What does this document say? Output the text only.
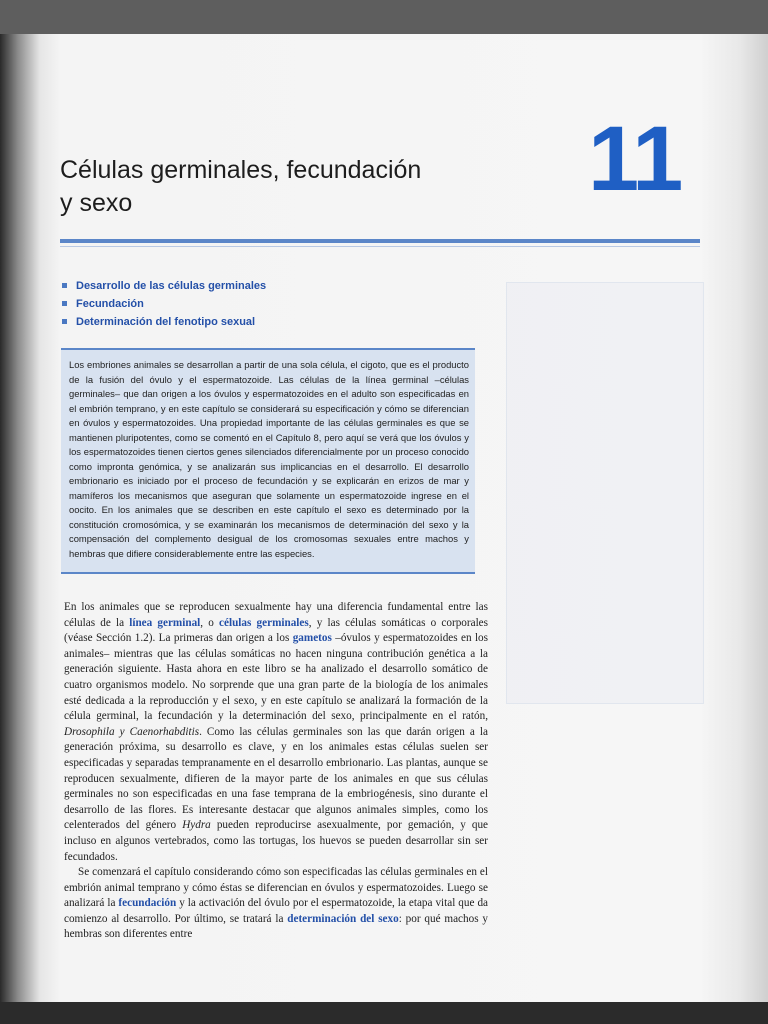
Células germinales, fecundación
y sexo	11
Desarrollo de las células germinales
Fecundación
Determinación del fenotipo sexual

Los embriones animales se desarrollan a partir de una sola célula, el cigoto, que es el producto de la fusión del óvulo y el espermatozoide. Las células de la línea germinal –células germinales– que dan origen a los óvulos y espermatozoides en el adulto son especificadas en el embrión temprano, y en este capítulo se considerará su especificación y cómo se diferencian en óvulos y espermatozoides. Una propiedad importante de las células germinales es que se mantienen pluripotentes, como se comentó en el Capítulo 8, pero aquí se verá que los óvulos y los espermatozoides tienen ciertos genes silenciados diferencialmente por un proceso conocido como impronta genómica, y se analizarán sus implicancias en el desarrollo. El desarrollo embrionario es iniciado por el proceso de fecundación y se explicarán en erizos de mar y mamíferos los mecanismos que aseguran que solamente un espermatozoide ingrese en el oocito. En los animales que se describen en este capítulo el sexo es determinado por la constitución cromosómica, y se examinarán los mecanismos de determinación del sexo y la compensación del complemento desigual de los cromosomas sexuales entre machos y hembras que difiere considerablemente entre las especies.

En los animales que se reproducen sexualmente hay una diferencia fundamental entre las células de la línea germinal, o células germinales, y las células somáticas o corporales (véase Sección 1.2). La primeras dan origen a los gametos –óvulos y espermatozoides en los animales– mientras que las células somáticas no hacen ninguna contribución genética a la generación siguiente. Hasta ahora en este libro se ha analizado el desarrollo somático de cuatro organismos modelo. No sorprende que una gran parte de la biología de los animales esté dedicada a la reproducción y el sexo, y en este capítulo se analizará la formación de la célula germinal, la fecundación y la determinación del sexo, principalmente en el ratón, Drosophila y Caenorhabditis. Como las células germinales son las que darán origen a la generación próxima, su desarrollo es clave, y en los animales estas células suelen ser especificadas y separadas tempranamente en el desarrollo embrionario. Las plantas, aunque se reproducen sexualmente, difieren de la mayor parte de los animales en que sus células germinales no son especificadas en una fase temprana de la embriogénesis, sino durante el desarrollo de las flores. Es interesante destacar que algunos animales simples, como los celenterados del género Hydra pueden reproducirse asexualmente, por gemación, y que incluso en algunos vertebrados, como las tortugas, los huevos se pueden desarrollar sin ser fecundados.

Se comenzará el capítulo considerando cómo son especificadas las células germinales en el embrión animal temprano y cómo éstas se diferencian en óvulos y espermatozoides. Luego se analizará la fecundación y la activación del óvulo por el espermatozoide, la etapa vital que da comienzo al desarrollo. Por último, se tratará la determinación del sexo: por qué machos y hembras son diferentes entre
